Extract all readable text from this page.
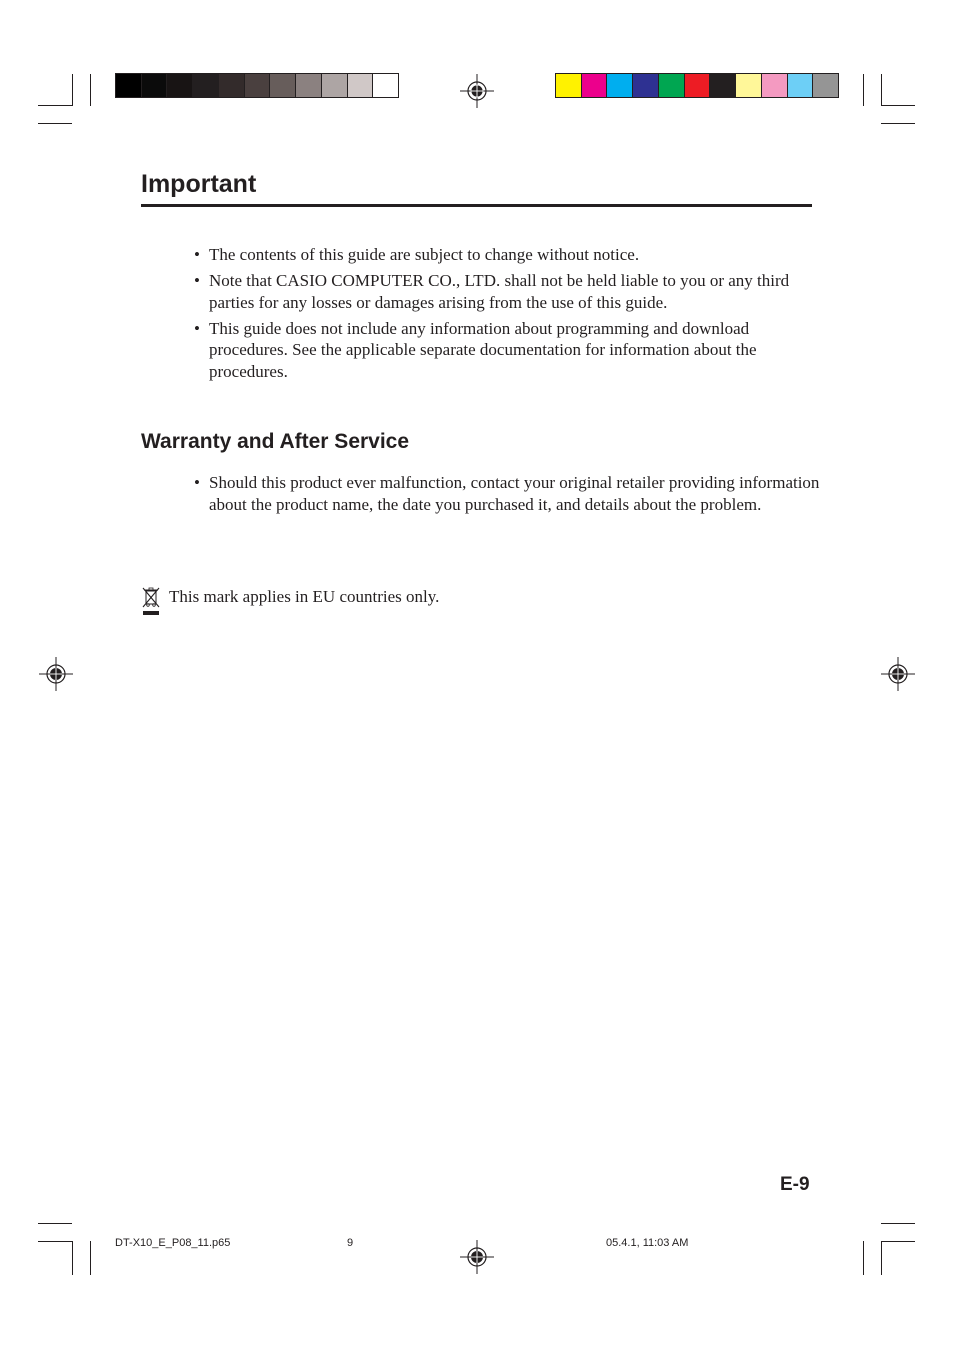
Important
• The contents of this guide are subject to change without notice.
• Note that CASIO COMPUTER CO., LTD. shall not be held liable to you or any third parties for any losses or damages arising from the use of this guide.
• This guide does not include any information about programming and download procedures. See the applicable separate documentation for information about the procedures.
Warranty and After Service
• Should this product ever malfunction, contact your original retailer providing information about the product name, the date you purchased it, and details about the problem.
This mark applies in EU countries only.
E-9
DT-X10_E_P08_11.p65	9	05.4.1, 11:03 AM
